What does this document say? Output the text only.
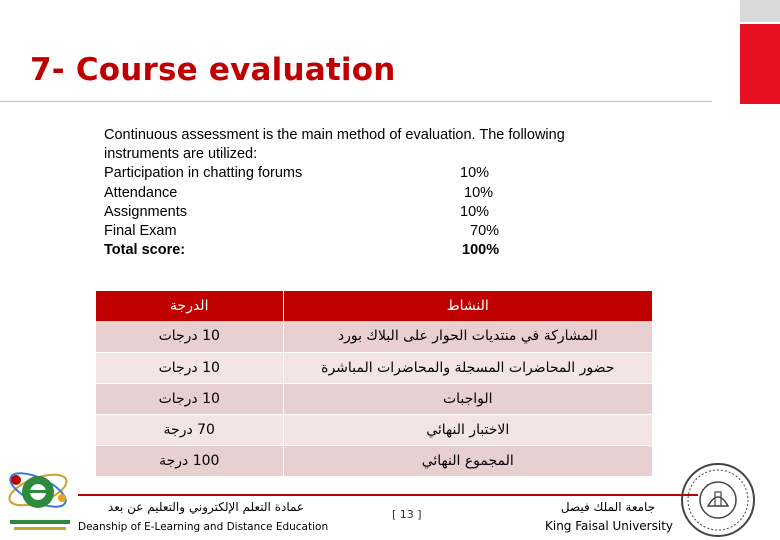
7- Course evaluation
Continuous assessment is the main method of evaluation. The following
instruments are utilized:
Participation in chatting forums	10%
Attendance	10%
Assignments	10%
Final Exam	70%
Total score:	100%
الدرجة	النشاط
10 درجات	المشاركة في منتديات الحوار على البلاك بورد
10 درجات	حضور المحاضرات المسجلة والمحاضرات المباشرة
10 درجات	الواجبات
70 درجة	الاختبار النهائي
100 درجة	المجموع النهائي
عمادة التعلم الإلكتروني والتعليم عن بعد
Deanship of E-Learning and Distance Education
[ 13 ]
جامعة الملك فيصل
King Faisal University
